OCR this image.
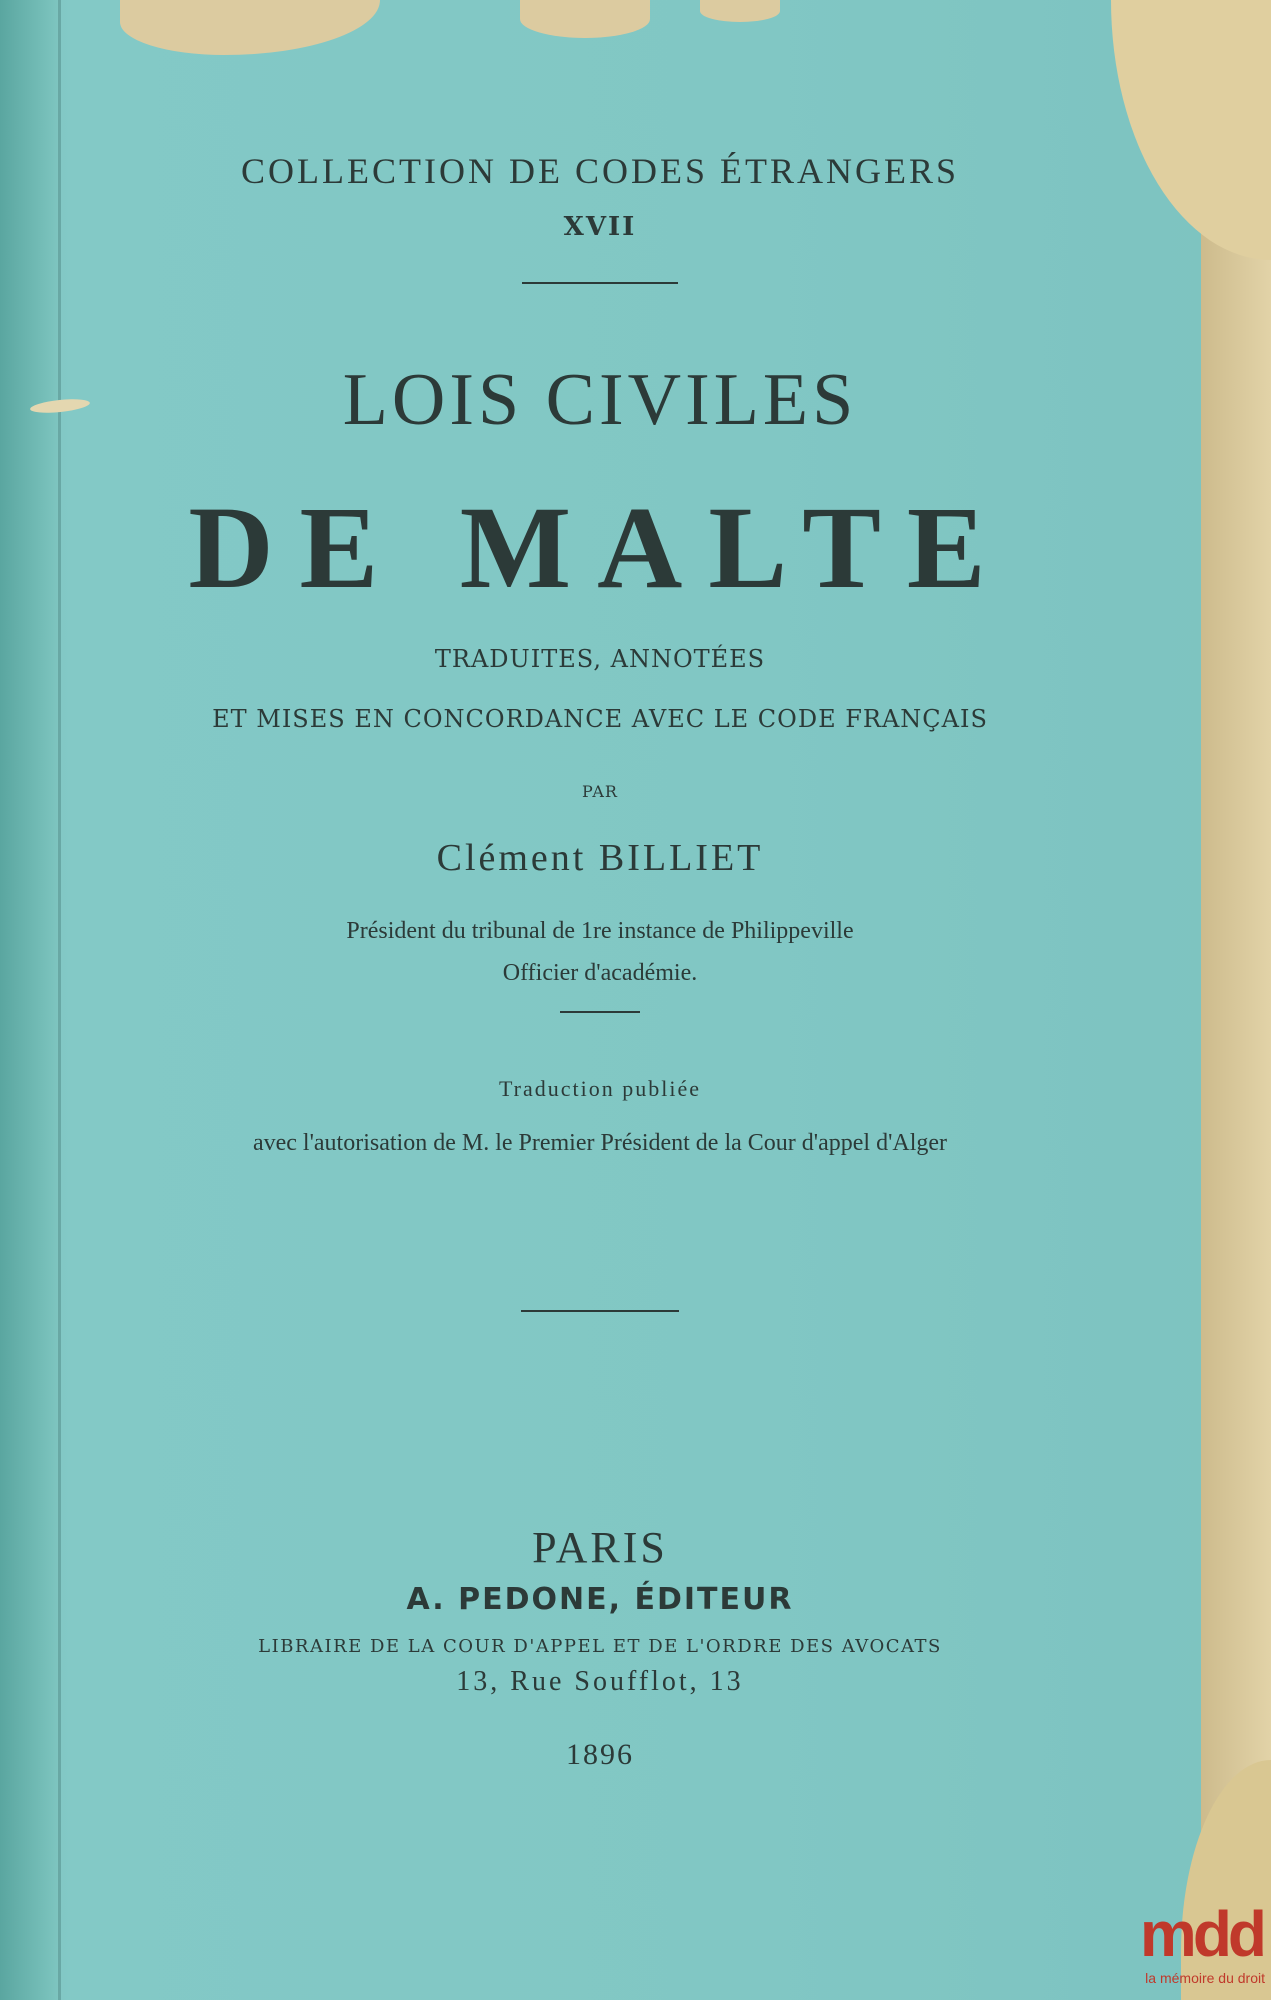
COLLECTION DE CODES ÉTRANGERS
XVII
LOIS CIVILES
DE MALTE
TRADUITES, ANNOTÉES
ET MISES EN CONCORDANCE AVEC LE CODE FRANÇAIS
PAR
Clément BILLIET
Président du tribunal de 1re instance de Philippeville
Officier d'académie.
Traduction publiée
avec l'autorisation de M. le Premier Président de la Cour d'appel d'Alger
PARIS
A. PEDONE, ÉDITEUR
LIBRAIRE DE LA COUR D'APPEL ET DE L'ORDRE DES AVOCATS
13, Rue Soufflot, 13
1896
mdd
la mémoire du droit
